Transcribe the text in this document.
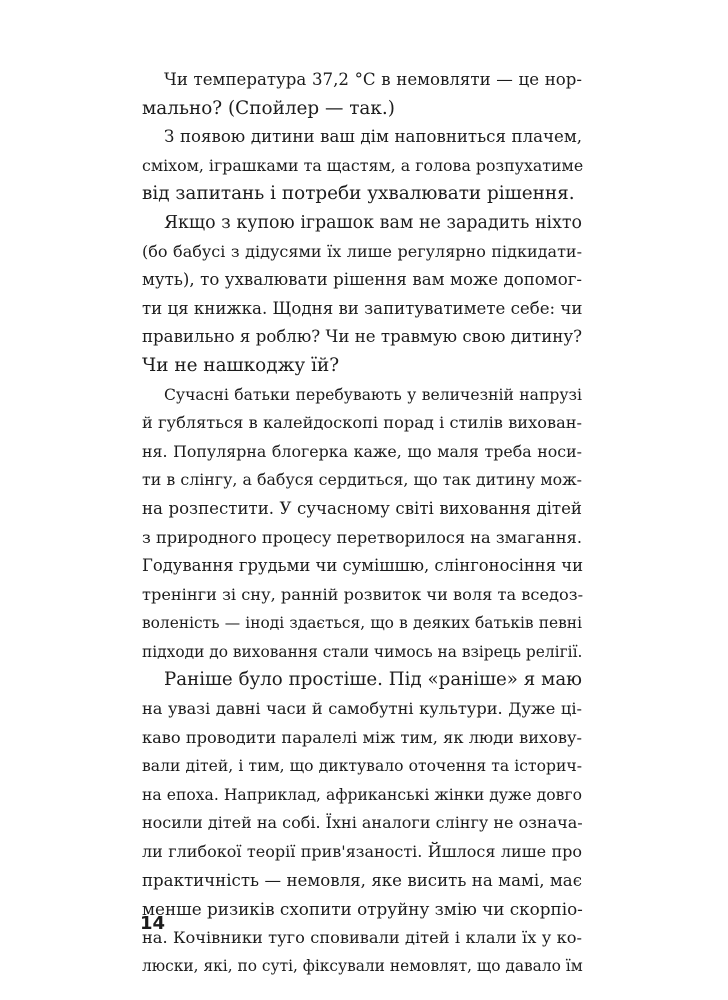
Чи температура 37,2 °С в немовляти — це нор-
мально? (Спойлер — так.)
З появою дитини ваш дім наповниться плачем,
сміхом, іграшками та щастям, а голова розпухатиме
від запитань і потреби ухвалювати рішення.
Якщо з купою іграшок вам не зарадить ніхто
(бо бабусі з дідусями їх лише регулярно підкидати-
муть), то ухвалювати рішення вам може допомог-
ти ця книжка. Щодня ви запитуватимете себе: чи
правильно я роблю? Чи не травмую свою дитину?
Чи не нашкоджу їй?
Сучасні батьки перебувають у величезній напрузі
й губляться в калейдоскопі порад і стилів вихован-
ня. Популярна блогерка каже, що маля треба носи-
ти в слінгу, а бабуся сердиться, що так дитину мож-
на розпестити. У сучасному світі виховання дітей
з природного процесу перетворилося на змагання.
Годування грудьми чи сумішшю, слінгоносіння чи
тренінги зі сну, ранній розвиток чи воля та вседоз-
воленість — іноді здається, що в деяких батьків певні
підходи до виховання стали чимось на взірець релігії.
Раніше було простіше. Під «раніше» я маю
на увазі давні часи й самобутні культури. Дуже ці-
каво проводити паралелі між тим, як люди вихову-
вали дітей, і тим, що диктувало оточення та історич-
на епоха. Наприклад, африканські жінки дуже довго
носили дітей на собі. Їхні аналоги слінгу не означа-
ли глибокої теорії прив'язаності. Йшлося лише про
практичність — немовля, яке висить на мамі, має
менше ризиків схопити отруйну змію чи скорпіо-
на. Кочівники туго сповивали дітей і клали їх у ко-
люски, які, по суті, фіксували немовлят, що давало їм
14
